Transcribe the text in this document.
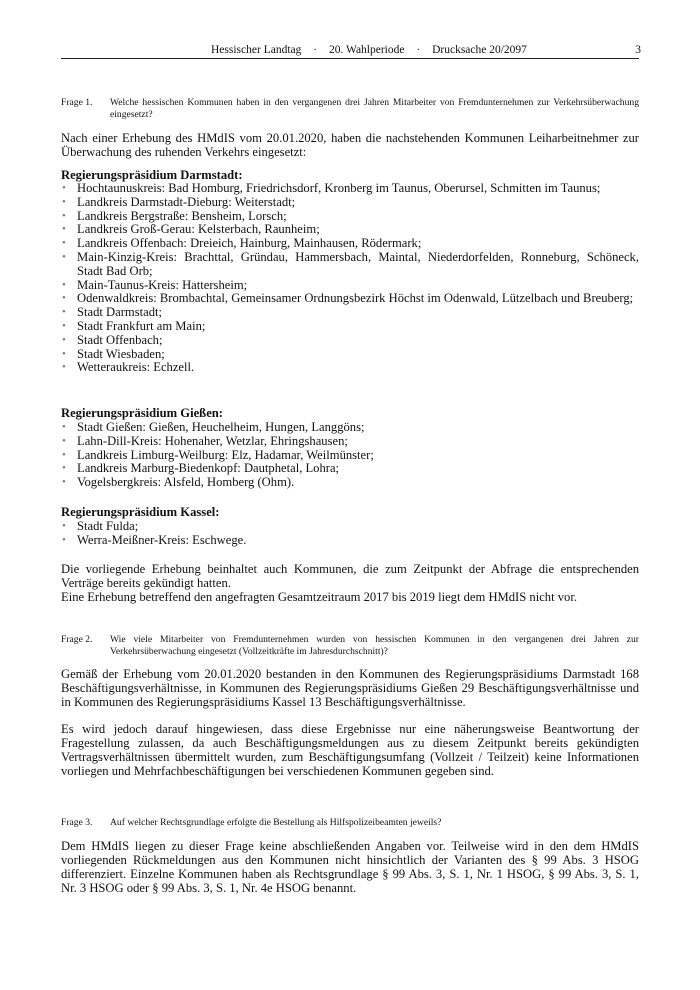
Hessischer Landtag · 20. Wahlperiode · Drucksache 20/2097	3
Frage 1. Welche hessischen Kommunen haben in den vergangenen drei Jahren Mitarbeiter von Fremdunternehmen zur Verkehrsüberwachung eingesetzt?

Nach einer Erhebung des HMdIS vom 20.01.2020, haben die nachstehenden Kommunen Leiharbeitnehmer zur Überwachung des ruhenden Verkehrs eingesetzt:

Regierungspräsidium Darmstadt:
• Hochtaunuskreis: Bad Homburg, Friedrichsdorf, Kronberg im Taunus, Oberursel, Schmitten im Taunus;
• Landkreis Darmstadt-Dieburg: Weiterstadt;
• Landkreis Bergstraße: Bensheim, Lorsch;
• Landkreis Groß-Gerau: Kelsterbach, Raunheim;
• Landkreis Offenbach: Dreieich, Hainburg, Mainhausen, Rödermark;
• Main-Kinzig-Kreis: Brachttal, Gründau, Hammersbach, Maintal, Niederdorfelden, Ronneburg, Schöneck, Stadt Bad Orb;
• Main-Taunus-Kreis: Hattersheim;
• Odenwaldkreis: Brombachtal, Gemeinsamer Ordnungsbezirk Höchst im Odenwald, Lützelbach und Breuberg;
• Stadt Darmstadt;
• Stadt Frankfurt am Main;
• Stadt Offenbach;
• Stadt Wiesbaden;
• Wetteraukreis: Echzell.
Regierungspräsidium Gießen:
• Stadt Gießen: Gießen, Heuchelheim, Hungen, Langgöns;
• Lahn-Dill-Kreis: Hohenaher, Wetzlar, Ehringshausen;
• Landkreis Limburg-Weilburg: Elz, Hadamar, Weilmünster;
• Landkreis Marburg-Biedenkopf: Dautphetal, Lohra;
• Vogelsbergkreis: Alsfeld, Homberg (Ohm).
Regierungspräsidium Kassel:
• Stadt Fulda;
• Werra-Meißner-Kreis: Eschwege.

Die vorliegende Erhebung beinhaltet auch Kommunen, die zum Zeitpunkt der Abfrage die entsprechenden Verträge bereits gekündigt hatten.

Eine Erhebung betreffend den angefragten Gesamtzeitraum 2017 bis 2019 liegt dem HMdIS nicht vor.

Frage 2. Wie viele Mitarbeiter von Fremdunternehmen wurden von hessischen Kommunen in den vergangenen drei Jahren zur Verkehrsüberwachung eingesetzt (Vollzeitkräfte im Jahresdurchschnitt)?

Gemäß der Erhebung vom 20.01.2020 bestanden in den Kommunen des Regierungspräsidiums Darmstadt 168 Beschäftigungsverhältnisse, in Kommunen des Regierungspräsidiums Gießen 29 Beschäftigungsverhältnisse und in Kommunen des Regierungspräsidiums Kassel 13 Beschäftigungsverhältnisse.

Es wird jedoch darauf hingewiesen, dass diese Ergebnisse nur eine näherungsweise Beantwortung der Fragestellung zulassen, da auch Beschäftigungsmeldungen aus zu diesem Zeitpunkt bereits gekündigten Vertragsverhältnissen übermittelt wurden, zum Beschäftigungsumfang (Vollzeit / Teilzeit) keine Informationen vorliegen und Mehrfachbeschäftigungen bei verschiedenen Kommunen gegeben sind.

Frage 3. Auf welcher Rechtsgrundlage erfolgte die Bestellung als Hilfspolizeibeamten jeweils?

Dem HMdIS liegen zu dieser Frage keine abschließenden Angaben vor. Teilweise wird in den dem HMdIS vorliegenden Rückmeldungen aus den Kommunen nicht hinsichtlich der Varianten des § 99 Abs. 3 HSOG differenziert. Einzelne Kommunen haben als Rechtsgrundlage § 99 Abs. 3, S. 1, Nr. 1 HSOG, § 99 Abs. 3, S. 1, Nr. 3 HSOG oder § 99 Abs. 3, S. 1, Nr. 4e HSOG benannt.
